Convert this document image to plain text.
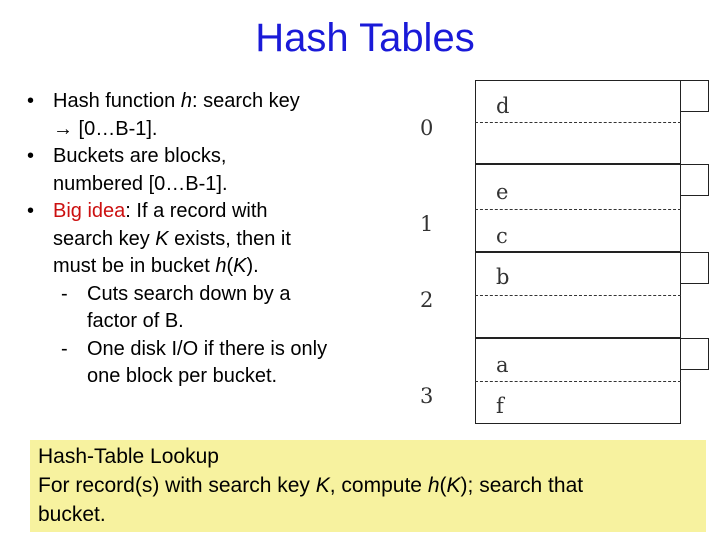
Hash Tables
• Hash function h: search key
→ [0…B-1].
• Buckets are blocks,
numbered [0…B-1].
• Big idea: If a record with
search key K exists, then it
must be in bucket h(K).
- Cuts search down by a
factor of B.
- One disk I/O if there is only
one block per bucket.
d
0
e
c
1
b
2
a
f
3
Hash-Table Lookup
For record(s) with search key K, compute h(K); search that
bucket.
